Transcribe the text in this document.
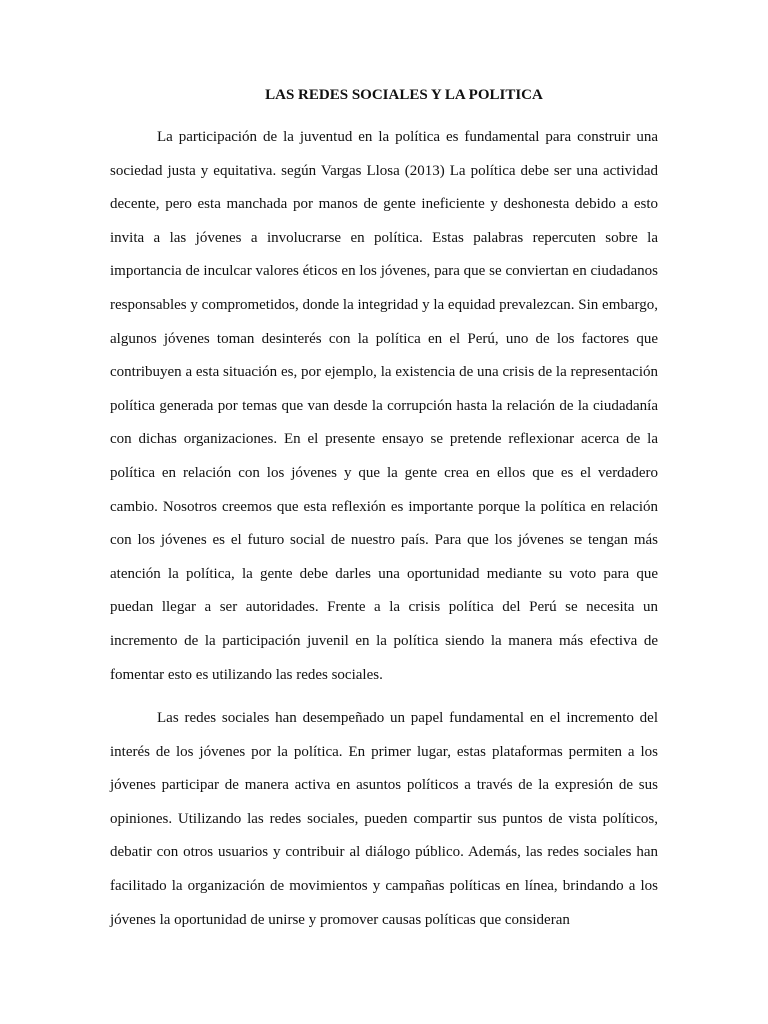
LAS REDES SOCIALES Y LA POLITICA

La participación de la juventud en la política es fundamental para construir una sociedad justa y equitativa. según Vargas Llosa (2013) La política debe ser una actividad decente, pero esta manchada por manos de gente ineficiente y deshonesta debido a esto invita a las jóvenes a involucrarse en política. Estas palabras repercuten sobre la importancia de inculcar valores éticos en los jóvenes, para que se conviertan en ciudadanos responsables y comprometidos, donde la integridad y la equidad prevalezcan. Sin embargo, algunos jóvenes toman desinterés con la política en el Perú, uno de los factores que contribuyen a esta situación es, por ejemplo, la existencia de una crisis de la representación política generada por temas que van desde la corrupción hasta la relación de la ciudadanía con dichas organizaciones. En el presente ensayo se pretende reflexionar acerca de la política en relación con los jóvenes y que la gente crea en ellos que es el verdadero cambio. Nosotros creemos que esta reflexión es importante porque la política en relación con los jóvenes es el futuro social de nuestro país. Para que los jóvenes se tengan más atención la política, la gente debe darles una oportunidad mediante su voto para que puedan llegar a ser autoridades. Frente a la crisis política del Perú se necesita un incremento de la participación juvenil en la política siendo la manera más efectiva de fomentar esto es utilizando las redes sociales.

Las redes sociales han desempeñado un papel fundamental en el incremento del interés de los jóvenes por la política. En primer lugar, estas plataformas permiten a los jóvenes participar de manera activa en asuntos políticos a través de la expresión de sus opiniones. Utilizando las redes sociales, pueden compartir sus puntos de vista políticos, debatir con otros usuarios y contribuir al diálogo público. Además, las redes sociales han facilitado la organización de movimientos y campañas políticas en línea, brindando a los jóvenes la oportunidad de unirse y promover causas políticas que consideran
